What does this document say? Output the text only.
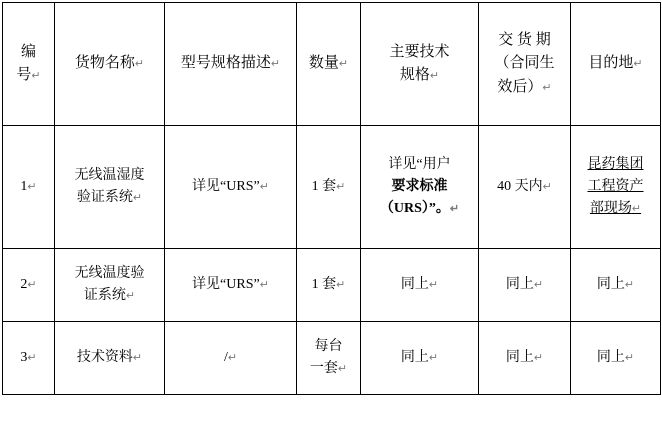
编
号↵	货物名称↵	型号规格描述↵	数量↵	主要技术
规格↵	交 货 期
（合同生
效后）↵	目的地↵

1↵	无线温湿度
验证系统↵	详见“URS”↵	1 套↵	详见“用户
要求标准
（URS）”。↵	40 天内↵	昆药集团
工程资产
部现场↵

2↵	无线温度验
证系统↵	详见“URS”↵	1 套↵	同上↵	同上↵	同上↵

3↵	技术资料↵	/↵	每台
一套↵	同上↵	同上↵	同上↵
